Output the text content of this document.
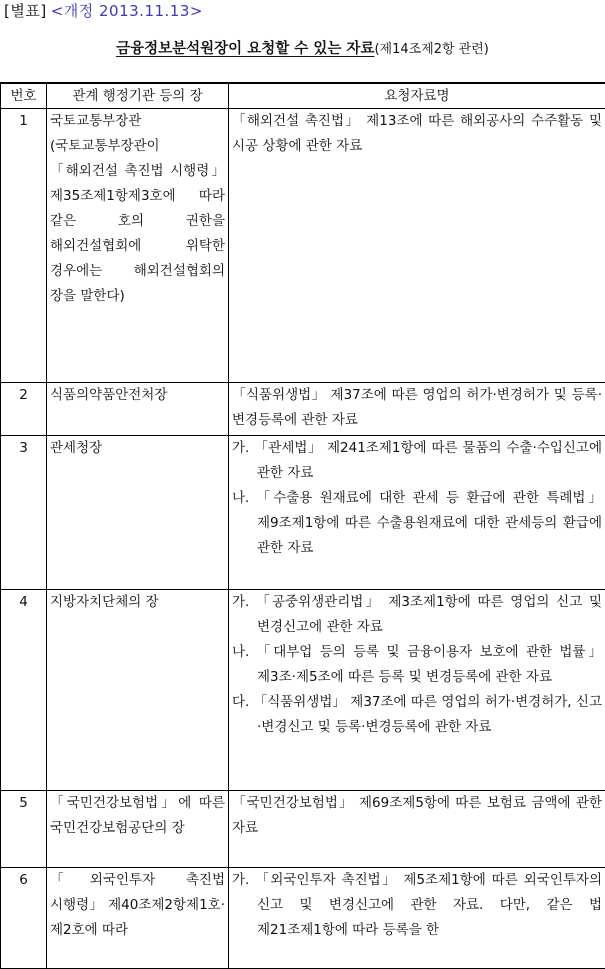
[별표] <개정 2013.11.13>
금융정보분석원장이 요청할 수 있는 자료(제14조제2항 관련)
번호	관계 행정기관 등의 장	요청자료명
1	국토교통부장관(국토교통부장관이 「해외건설 촉진법 시행령」 제35조제1항제3호에 따라 같은 호의 권한을 해외건설협회에 위탁한 경우에는 해외건설협회의 장을 말한다)	「해외건설 촉진법」 제13조에 따른 해외공사의 수주활동 및 시공 상황에 관한 자료
2	식품의약품안전처장	「식품위생법」 제37조에 따른 영업의 허가·변경허가 및 등록·변경등록에 관한 자료
3	관세청장	가. 「관세법」 제241조제1항에 따른 물품의 수출·수입신고에 관한 자료
나. 「수출용 원재료에 대한 관세 등 환급에 관한 특례법」 제9조제1항에 따른 수출용원재료에 대한 관세등의 환급에 관한 자료

4	지방자치단체의 장	가. 「공중위생관리법」 제3조제1항에 따른 영업의 신고 및 변경신고에 관한 자료
나. 「대부업 등의 등록 및 금융이용자 보호에 관한 법률」 제3조·제5조에 따른 등록 및 변경등록에 관한 자료
다. 「식품위생법」 제37조에 따른 영업의 허가·변경허가, 신고·변경신고 및 등록·변경등록에 관한 자료

5	「국민건강보험법」에 따른 국민건강보험공단의 장	「국민건강보험법」 제69조제5항에 따른 보험료 금액에 관한 자료
6	「외국인투자 촉진법 시행령」 제40조제2항제1호·제2호에 따라	가. 「외국인투자 촉진법」 제5조제1항에 따른 외국인투자의 신고 및 변경신고에 관한 자료. 다만, 같은 법 제21조제1항에 따라 등록을 한
